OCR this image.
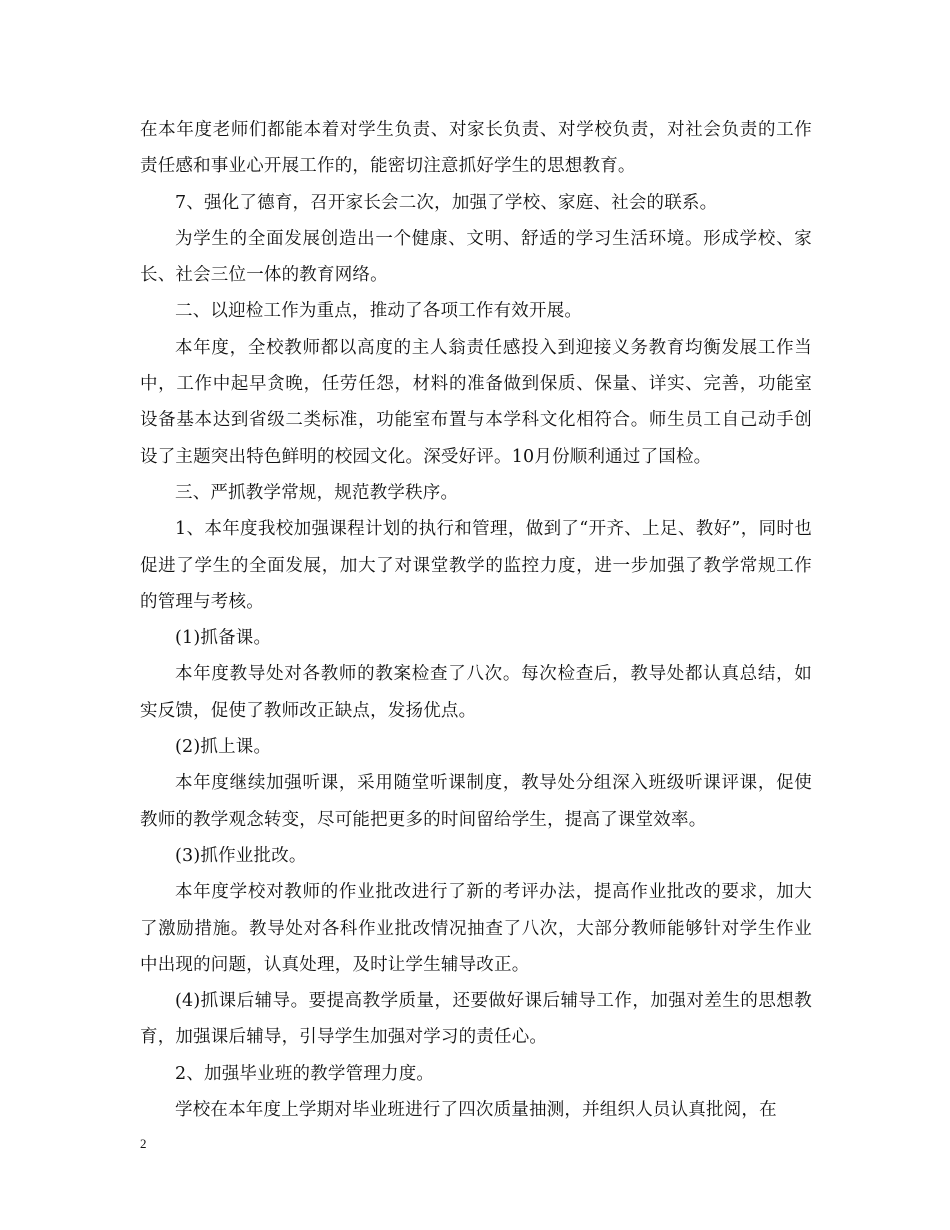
在本年度老师们都能本着对学生负责、对家长负责、对学校负责，对社会负责的工作责任感和事业心开展工作的，能密切注意抓好学生的思想教育。

7、强化了德育，召开家长会二次，加强了学校、家庭、社会的联系。

为学生的全面发展创造出一个健康、文明、舒适的学习生活环境。形成学校、家长、社会三位一体的教育网络。

二、以迎检工作为重点，推动了各项工作有效开展。

本年度，全校教师都以高度的主人翁责任感投入到迎接义务教育均衡发展工作当中，工作中起早贪晚，任劳任怨，材料的准备做到保质、保量、详实、完善，功能室设备基本达到省级二类标准，功能室布置与本学科文化相符合。师生员工自己动手创设了主题突出特色鲜明的校园文化。深受好评。10月份顺利通过了国检。

三、严抓教学常规，规范教学秩序。

1、本年度我校加强课程计划的执行和管理，做到了“开齐、上足、教好”，同时也促进了学生的全面发展，加大了对课堂教学的监控力度，进一步加强了教学常规工作的管理与考核。

(1)抓备课。

本年度教导处对各教师的教案检查了八次。每次检查后，教导处都认真总结，如实反馈，促使了教师改正缺点，发扬优点。

(2)抓上课。

本年度继续加强听课，采用随堂听课制度，教导处分组深入班级听课评课，促使教师的教学观念转变，尽可能把更多的时间留给学生，提高了课堂效率。

(3)抓作业批改。

本年度学校对教师的作业批改进行了新的考评办法，提高作业批改的要求，加大了激励措施。教导处对各科作业批改情况抽查了八次，大部分教师能够针对学生作业中出现的问题，认真处理，及时让学生辅导改正。

(4)抓课后辅导。要提高教学质量，还要做好课后辅导工作，加强对差生的思想教育，加强课后辅导，引导学生加强对学习的责任心。

2、加强毕业班的教学管理力度。

学校在本年度上学期对毕业班进行了四次质量抽测，并组织人员认真批阅，在

2
